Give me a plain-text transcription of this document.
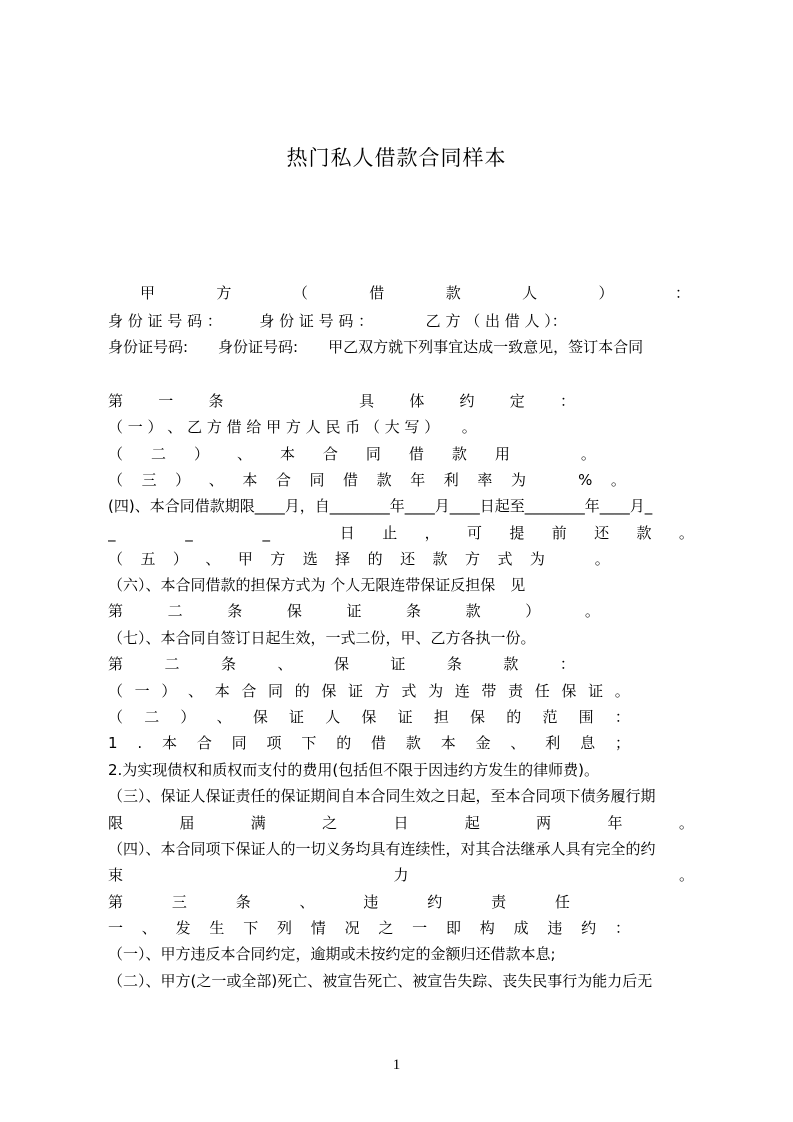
热门私人借款合同样本
甲	方	（	借	款	人	）	：
身 份 证 号 码 ：　　　身 份 证 号 码 ：　　　　乙 方 （ 出 借 人 ）：
身份证号码:　　身份证号码:　　甲乙双方就下列事宜达成一致意见，签订本合同
第 一 条

　	具 体 约 定 ：
（ 一 ） 、 乙 方 借 给 甲 方 人 民 币 （ 大 写 ）　　。
（ 二 ） 、 本 合 同 借 款 用
　	。
（ 三 ） 、 本 合 同 借 款 年 利 率 为
　	% 。
(四)、本合同借款期限____月，自________年____月____日起至________年____月_
_
　	_
　	_
　	日 止 ， 可 提 前 还 款 。
（ 五 ） 、 甲 方 选 择 的 还 款 方 式 为
　	。
（六）、本合同借款的担保方式为 个人无限连带保证反担保　见
第	二	条	保	证	条	款	）	。
（七）、本合同自签订日起生效，一式二份，甲、乙方各执一份。
第	二	条	、	保	证	条	款	：
（ 一 ） 、 本 合 同 的 保 证 方 式 为 连 带 责 任 保 证 。
（ 二 ） 、 保 证 人 保 证 担 保 的 范 围 ：
1 . 本 合 同 项 下 的 借 款 本 金 、 利 息 ；
2.为实现债权和质权而支付的费用(包括但不限于因违约方发生的律师费)。
（三）、保证人保证责任的保证期间自本合同生效之日起，至本合同项下债务履行期
限	届	满	之	日	起	两	年	。
（四）、本合同项下保证人的一切义务均具有连续性，对其合法继承人具有完全的约
束
　	力
　	。
第	三	条	、	违	约	责	任
一 、 发 生 下 列 情 况 之 一 即 构 成 违 约 ：
（一）、甲方违反本合同约定，逾期或未按约定的金额归还借款本息;
（二）、甲方(之一或全部)死亡、被宣告死亡、被宣告失踪、丧失民事行为能力后无
1
